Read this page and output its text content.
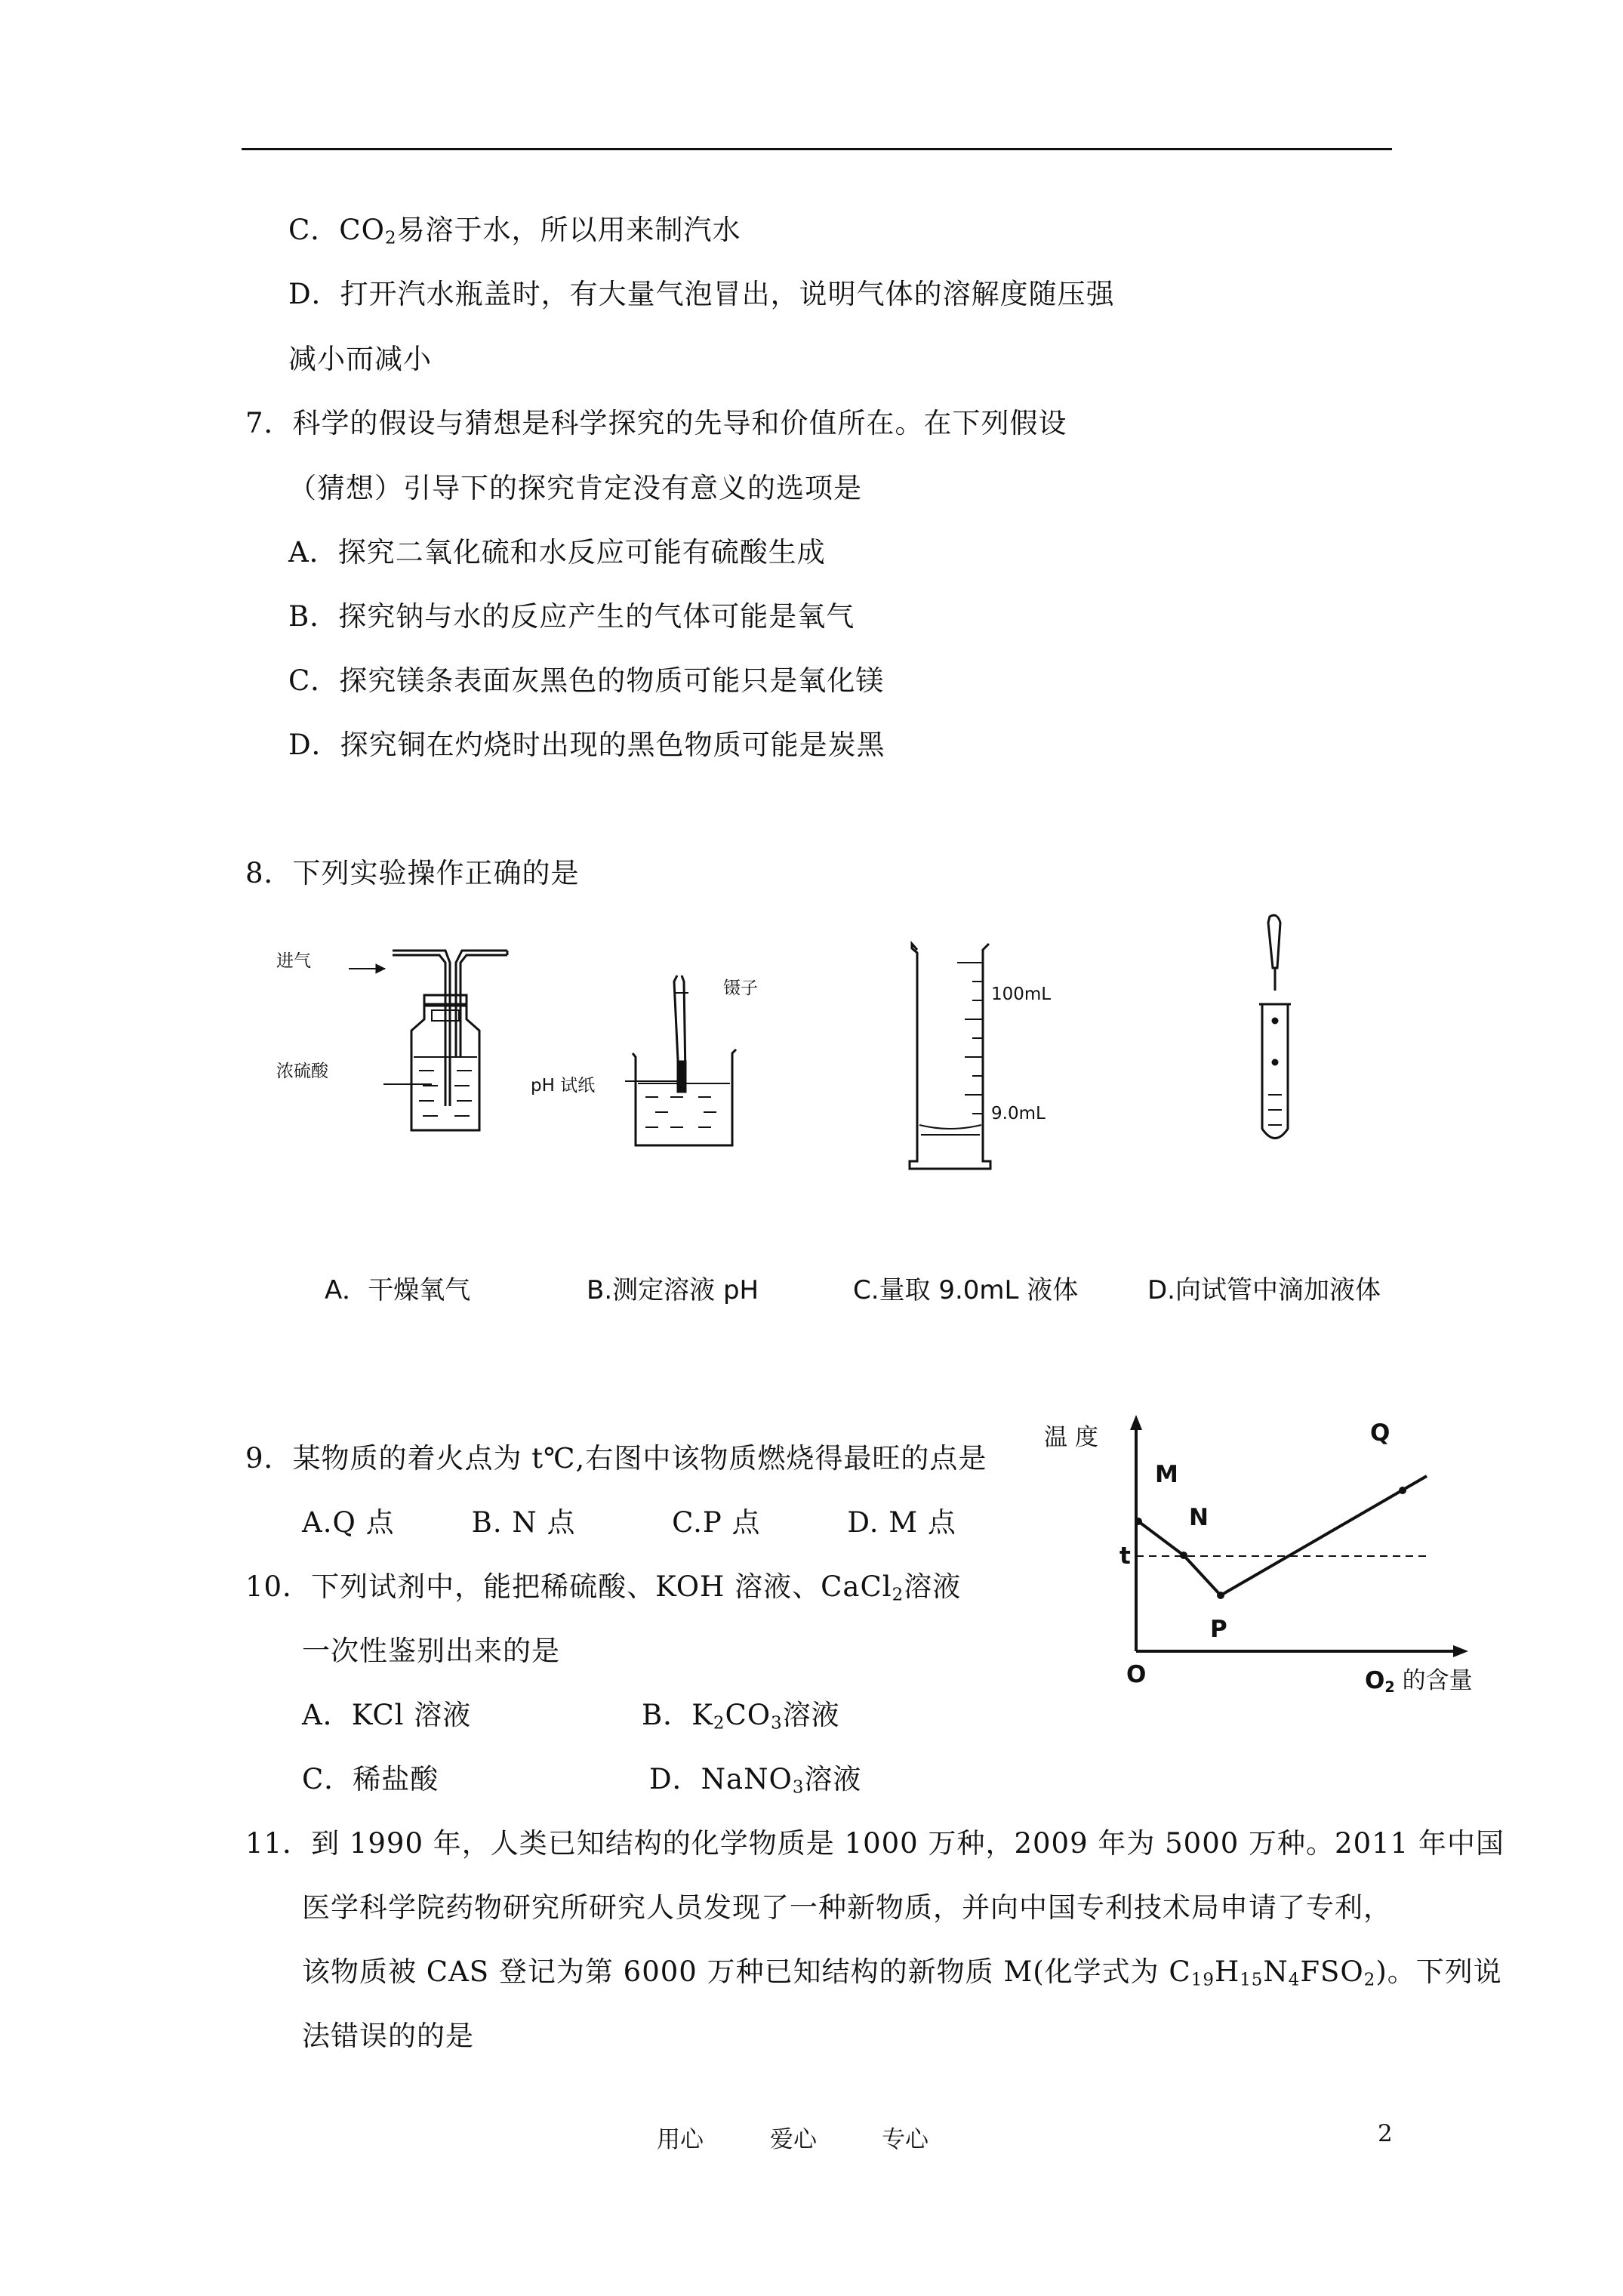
C．$CO_2$易溶于水，所以用来制汽水
D．打开汽水瓶盖时，有大量气泡冒出，说明气体的溶解度随压强
减小而减小
7．科学的假设与猜想是科学探究的先导和价值所在。在下列假设
（猜想）引导下的探究肯定没有意义的选项是
A．探究二氧化硫和水反应可能有硫酸生成
B．探究钠与水的反应产生的气体可能是氧气
C．探究镁条表面灰黑色的物质可能只是氧化镁
D．探究铜在灼烧时出现的黑色物质可能是炭黑
8．下列实验操作正确的是
进气
浓硫酸
镊子
pH 试纸
100mL
9.0mL
A．干燥氧气	B.测定溶液 pH	C.量取 9.0mL 液体	D.向试管中滴加液体
9．某物质的着火点为 t℃,右图中该物质燃烧得最旺的点是
A.Q 点        B. N 点          C.P 点         D. M 点
10．下列试剂中，能把稀硫酸、KOH 溶液、CaCl$_2$溶液
一次性鉴别出来的是
A．KCl 溶液	B．$K_2CO_3$溶液
C．稀盐酸	D．NaNO$_3$溶液
温 度	Q
M
N
t
P
O	$O_2$ 的含量
11．到 1990 年，人类已知结构的化学物质是 1000 万种，2009 年为 5000 万种。2011 年中国
医学科学院药物研究所研究人员发现了一种新物质，并向中国专利技术局申请了专利，
该物质被 CAS 登记为第 6000 万种已知结构的新物质 M(化学式为 $C_{19}H_{15}N_4FSO_2$)。下列说
法错误的的是
用心	爱心	专心	2
